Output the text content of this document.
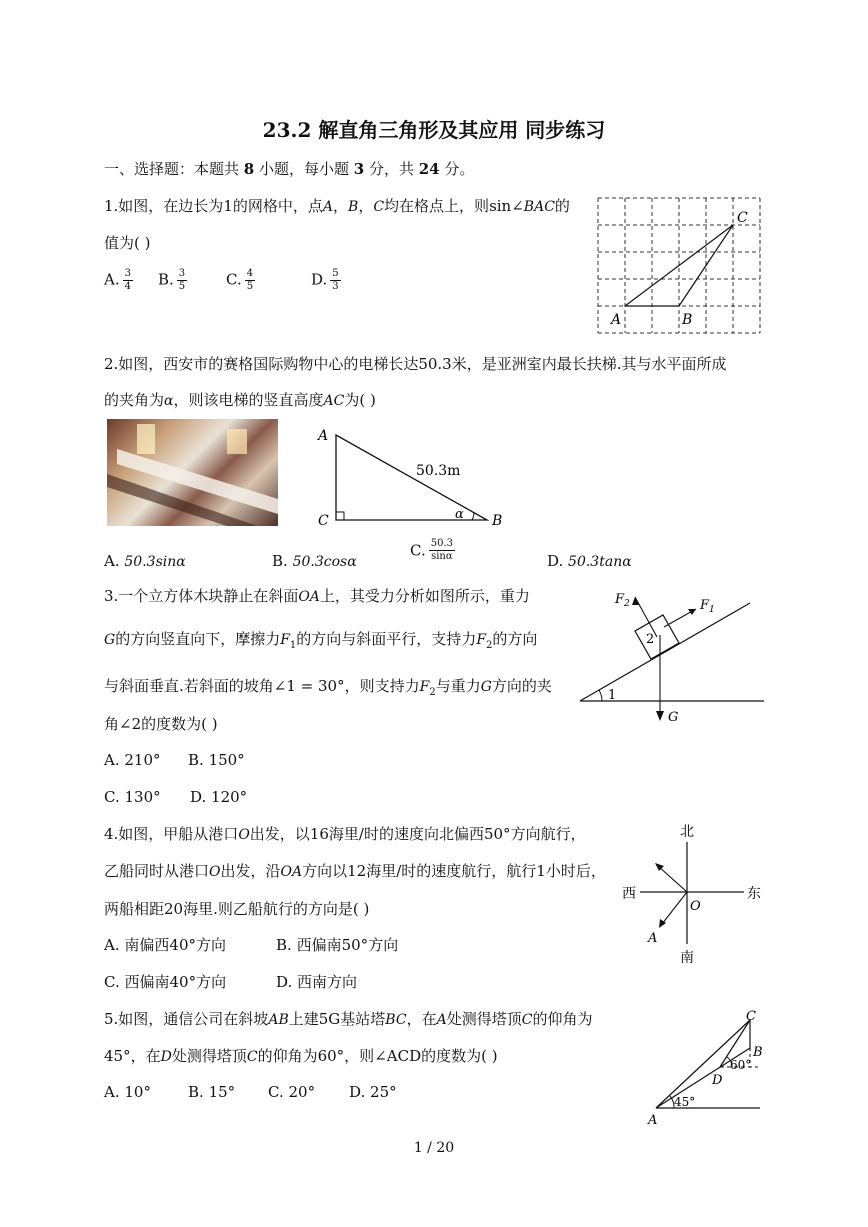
23.2 解直角三角形及其应用 同步练习
一、选择题：本题共 8 小题，每小题 3 分，共 24 分。
1.如图，在边长为1的网格中，点A，B，C均在格点上，则sin∠BAC的
值为( )
A. $\frac{3}{4} B$. $\frac{3}{5}$	C. $\frac{4}{5}$	D. $\frac{5}{3}$
A	B
C
2.如图，西安市的赛格国际购物中心的电梯长达50.3米，是亚洲室内最长扶梯.其与水平面所成
的夹角为α，则该电梯的竖直高度AC为( )
A
C	B
50.3m
α
A. 50.3sinα	B. 50.3cosα
C. $\frac{50.3}{\sin\alpha}$	D. 50.3tanα
3.一个立方体木块静止在斜面OA上，其受力分析如图所示，重力
G的方向竖直向下，摩擦力$F_1$的方向与斜面平行，支持力$F_2$的方向
与斜面垂直.若斜面的坡角∠1 = 30°，则支持力$F_2$与重力G方向的夹
角∠2的度数为( )
A. 210° B. 150°
C. 130° D. 120°
$F_2$	$F_1$
2
1
G
4.如图，甲船从港口O出发，以16海里/时的速度向北偏西50°方向航行，
乙船同时从港口O出发，沿OA方向以12海里/时的速度航行，航行1小时后，
两船相距20海里.则乙船航行的方向是( )
A. 南偏西40°方向	B. 西偏南50°方向
C. 西偏南40°方向	D. 西南方向
北
南
西	东
O
A
5.如图，通信公司在斜坡AB上建5G基站塔BC，在A处测得塔顶C的仰角为
45°，在D处测得塔顶C的仰角为60°，则∠ACD的度数为( )
A. 10° B. 15° C. 20° D. 25°
C
B
D
A
45°
60°
1 / 20
